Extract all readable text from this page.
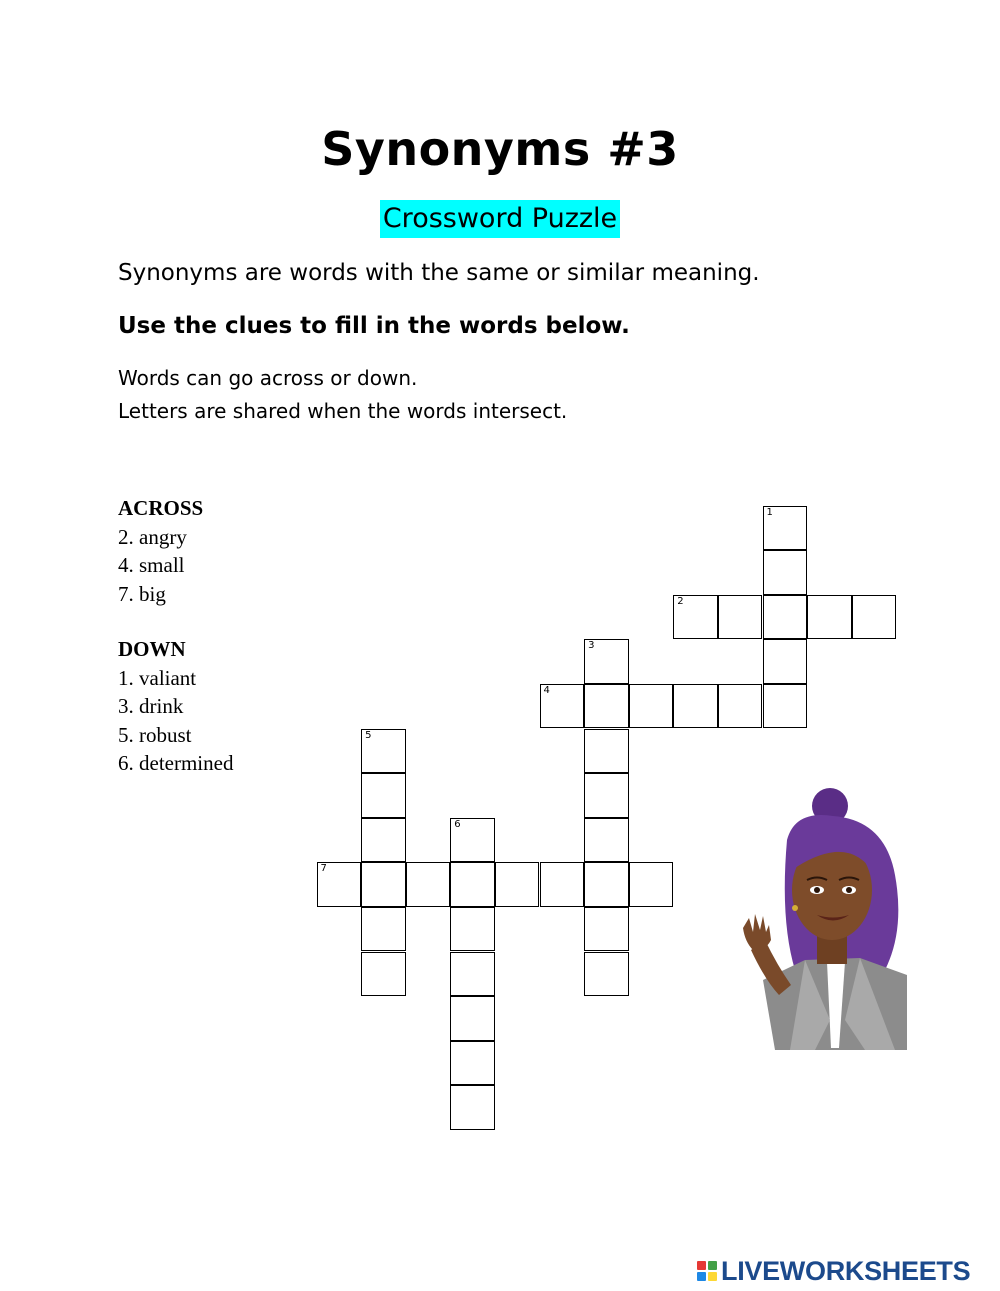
Synonyms #3
Crossword Puzzle
Synonyms are words with the same or similar meaning.
Use the clues to fill in the words below.
Words can go across or down.
Letters are shared when the words intersect.
ACROSS
2. angry
4. small
7. big
DOWN
1. valiant
3. drink
5. robust
6. determined
1
2
3
4
5
6
7
LIVEWORKSHEETS
